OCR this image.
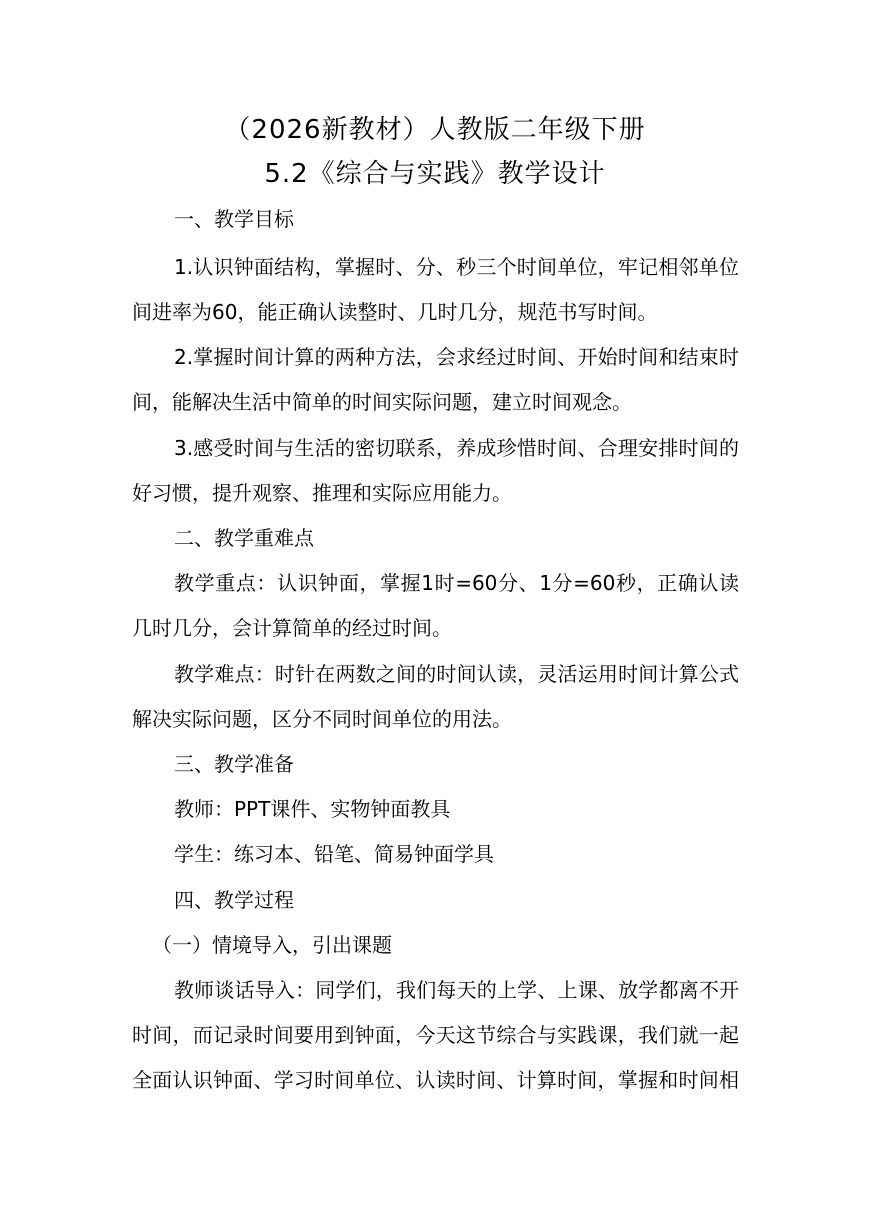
（2026新教材）人教版二年级下册
5.2《综合与实践》教学设计
一、教学目标
1.认识钟面结构，掌握时、分、秒三个时间单位，牢记相邻单位
间进率为60，能正确认读整时、几时几分，规范书写时间。
2.掌握时间计算的两种方法，会求经过时间、开始时间和结束时
间，能解决生活中简单的时间实际问题，建立时间观念。
3.感受时间与生活的密切联系，养成珍惜时间、合理安排时间的
好习惯，提升观察、推理和实际应用能力。
二、教学重难点
教学重点：认识钟面，掌握1时=60分、1分=60秒，正确认读
几时几分，会计算简单的经过时间。
教学难点：时针在两数之间的时间认读，灵活运用时间计算公式
解决实际问题，区分不同时间单位的用法。
三、教学准备
教师：PPT课件、实物钟面教具
学生：练习本、铅笔、简易钟面学具
四、教学过程
（一）情境导入，引出课题
教师谈话导入：同学们，我们每天的上学、上课、放学都离不开
时间，而记录时间要用到钟面，今天这节综合与实践课，我们就一起
全面认识钟面、学习时间单位、认读时间、计算时间，掌握和时间相
